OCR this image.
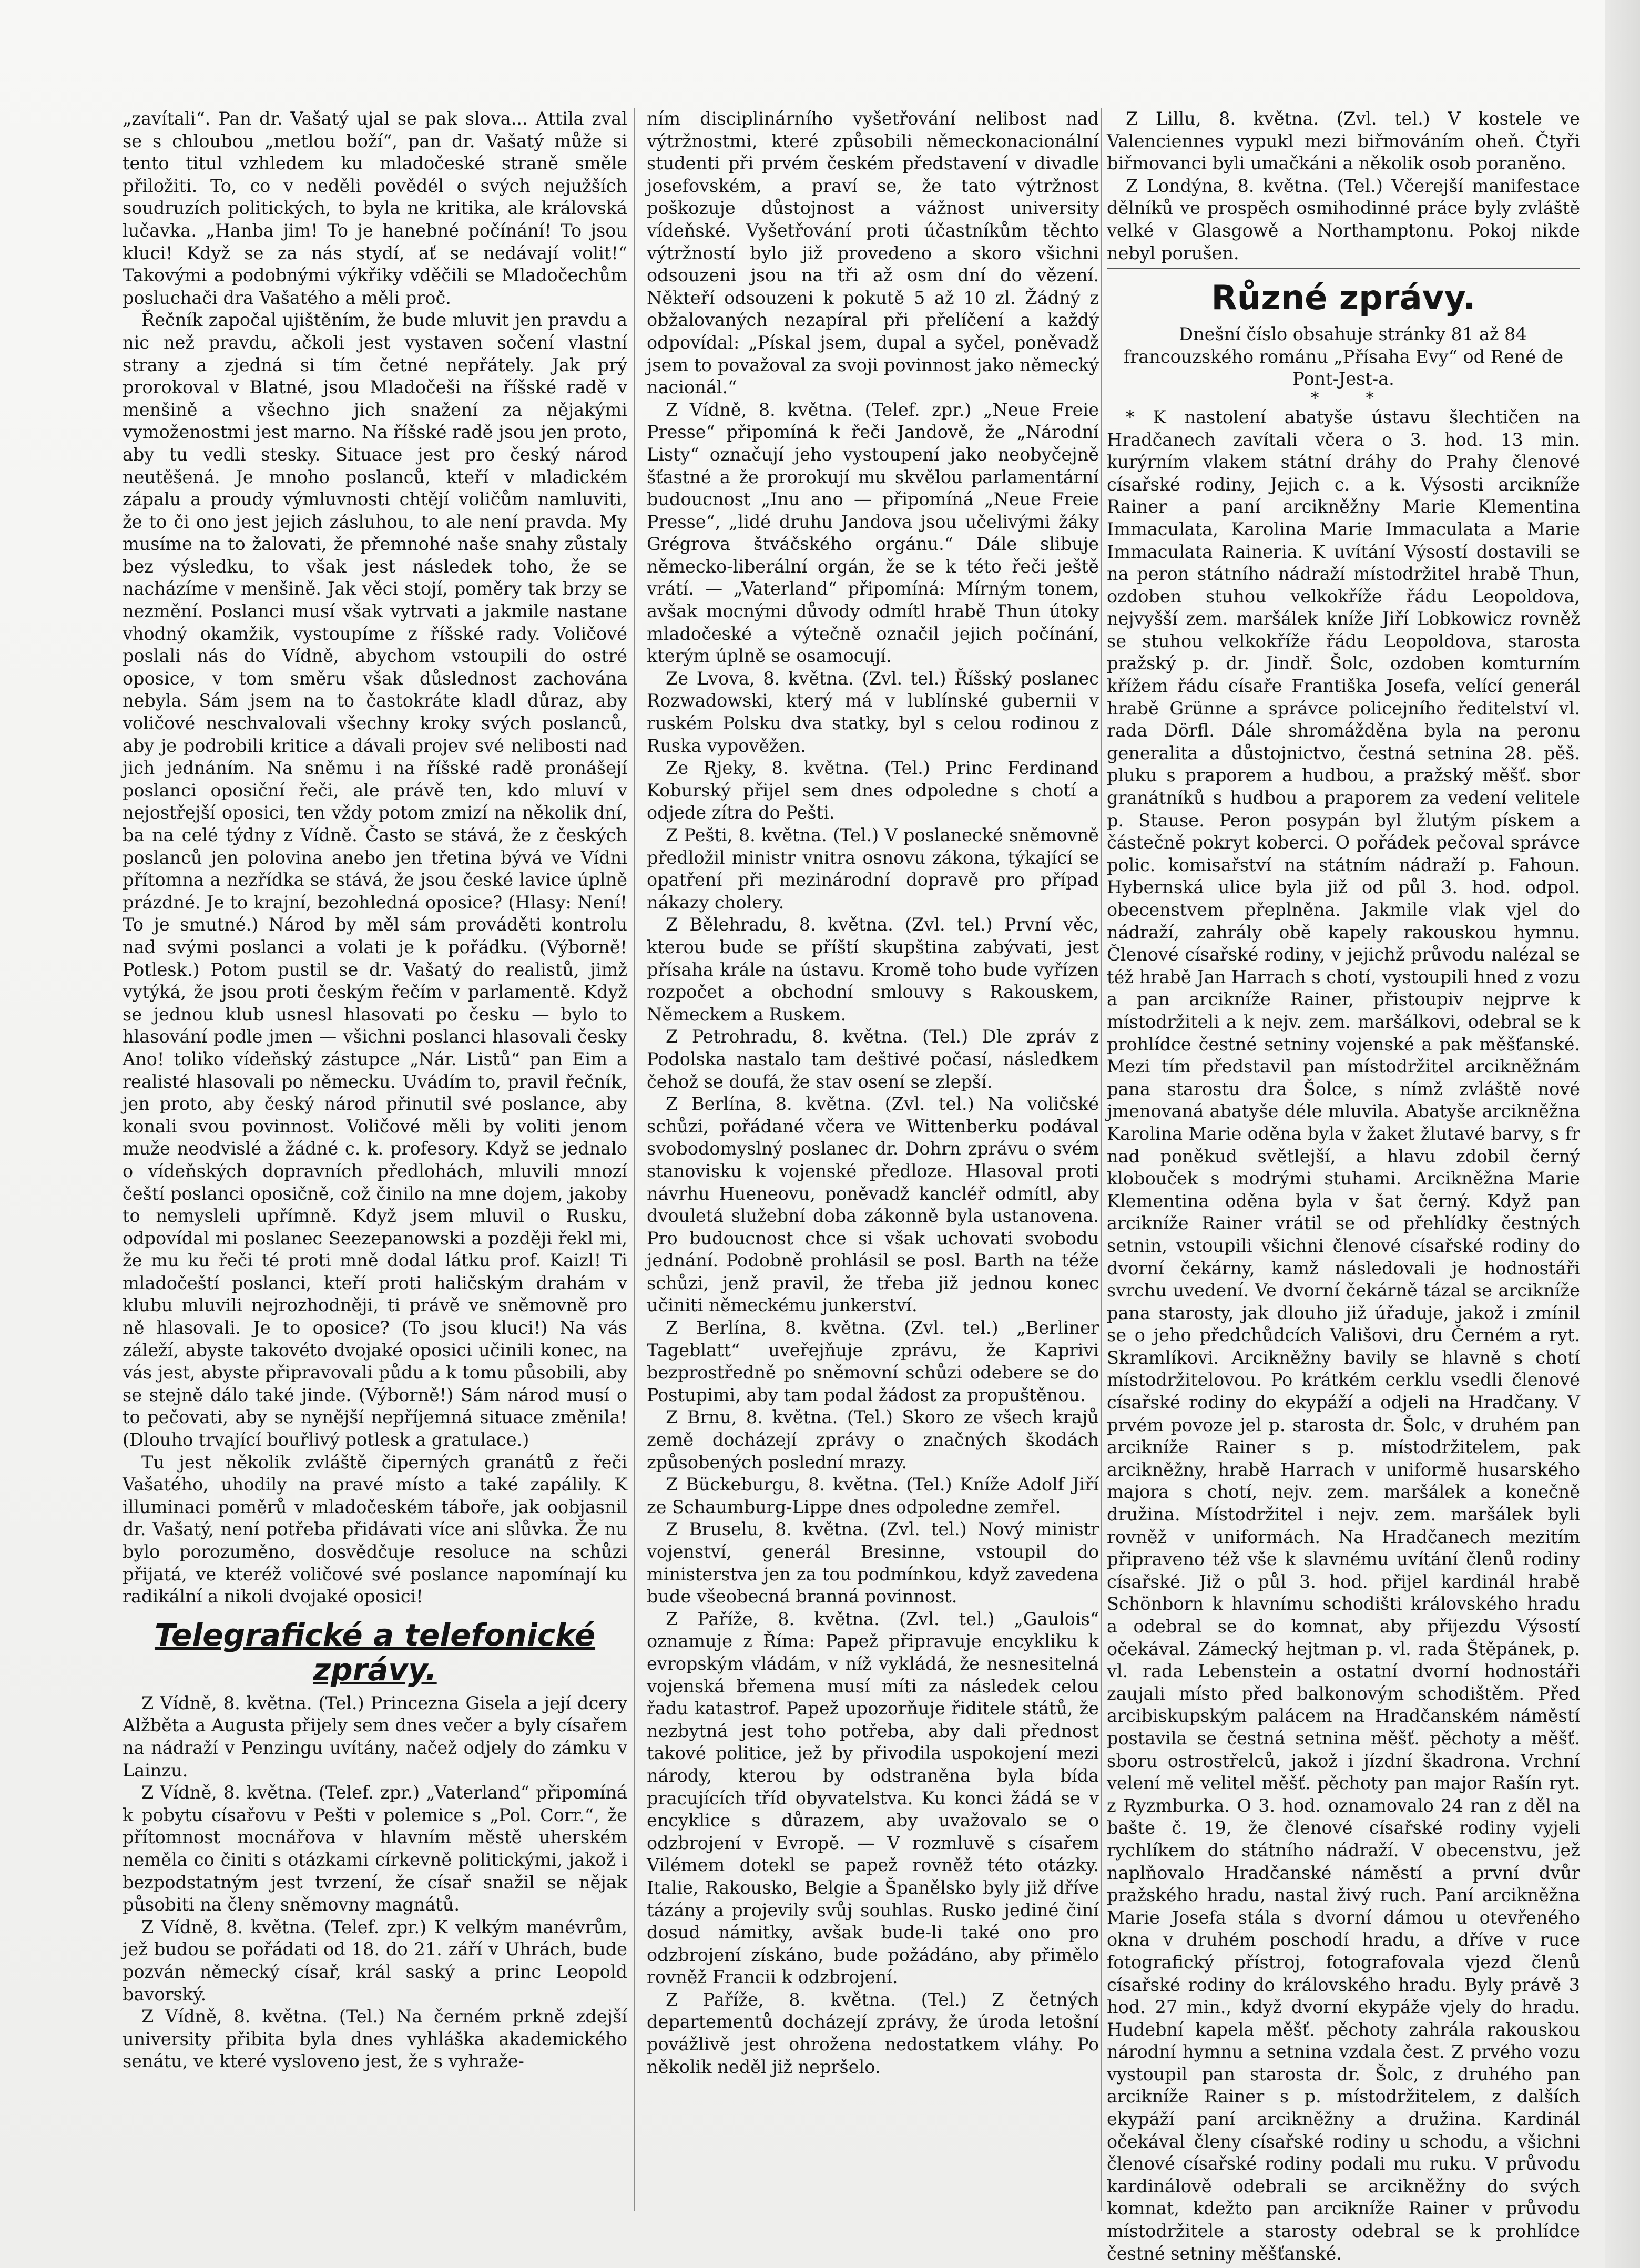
„zavítali“. Pan dr. Vašatý ujal se pak slova... Attila zval se s chloubou „metlou boží“, pan dr. Vašatý může si tento titul vzhledem ku mladočeské straně směle přiložiti. To, co v neděli povědél o svých nejužších soudruzích politických, to byla ne kritika, ale královská lučavka. „Hanba jim! To je hanebné počínání! To jsou kluci! Když se za nás stydí, ať se nedávají volit!“ Takovými a podobnými výkřiky vděčili se Mladočechům posluchači dra Vašatého a měli proč.

Řečník započal ujištěním, že bude mluvit jen pravdu a nic než pravdu, ačkoli jest vystaven sočení vlastní strany a zjedná si tím četné nepřátely. Jak prý prorokoval v Blatné, jsou Mladočeši na říšské radě v menšině a všechno jich snažení za nějakými vymoženostmi jest marno. Na říšské radě jsou jen proto, aby tu vedli stesky. Situace jest pro český národ neutěšená. Je mnoho poslanců, kteří v mladickém zápalu a proudy výmluvnosti chtějí voličům namluviti, že to či ono jest jejich zásluhou, to ale není pravda. My musíme na to žalovati, že přemnohé naše snahy zůstaly bez výsledku, to však jest následek toho, že se nacházíme v menšině. Jak věci stojí, poměry tak brzy se nezmění. Poslanci musí však vytrvati a jakmile nastane vhodný okamžik, vystoupíme z říšské rady. Voličové poslali nás do Vídně, abychom vstoupili do ostré oposice, v tom směru však důslednost zachována nebyla. Sám jsem na to častokráte kladl důraz, aby voličové neschvalovali všechny kroky svých poslanců, aby je podrobili kritice a dávali projev své nelibosti nad jich jednáním. Na sněmu i na říšské radě pronášejí poslanci oposiční řeči, ale právě ten, kdo mluví v nejostřejší oposici, ten vždy potom zmizí na několik dní, ba na celé týdny z Vídně. Často se stává, že z českých poslanců jen polovina anebo jen třetina bývá ve Vídni přítomna a nezřídka se stává, že jsou české lavice úplně prázdné. Je to krajní, bezohledná oposice? (Hlasy: Není! To je smutné.) Národ by měl sám prováděti kontrolu nad svými poslanci a volati je k pořádku. (Výborně! Potlesk.) Potom pustil se dr. Vašatý do realistů, jimž vytýká, že jsou proti českým řečím v parlamentě. Když se jednou klub usnesl hlasovati po česku — bylo to hlasování podle jmen — všichni poslanci hlasovali česky Ano! toliko vídeňský zástupce „Nár. Listů“ pan Eim a realisté hlasovali po německu. Uvádím to, pravil řečník, jen proto, aby český národ přinutil své poslance, aby konali svou povinnost. Voličové měli by voliti jenom muže neodvislé a žádné c. k. profesory. Když se jednalo o vídeňských dopravních předlohách, mluvili mnozí čeští poslanci oposičně, což činilo na mne dojem, jakoby to nemysleli upřímně. Když jsem mluvil o Rusku, odpovídal mi poslanec Seezepanowski a později řekl mi, že mu ku řeči té proti mně dodal látku prof. Kaizl! Ti mladočeští poslanci, kteří proti haličským drahám v klubu mluvili nejrozhodněji, ti právě ve sněmovně pro ně hlasovali. Je to oposice? (To jsou kluci!) Na vás záleží, abyste takovéto dvojaké oposici učinili konec, na vás jest, abyste připravovali půdu a k tomu působili, aby se stejně dálo také jinde. (Výborně!) Sám národ musí o to pečovati, aby se nynější nepříjemná situace změnila! (Dlouho trvající bouřlivý potlesk a gratulace.)

Tu jest několik zvláště čiperných granátů z řeči Vašatého, uhodily na pravé místo a také zapálily. K illuminaci poměrů v mladočeském táboře, jak oobjasnil dr. Vašatý, není potřeba přidávati více ani slůvka. Že nu bylo porozuměno, dosvědčuje resoluce na schůzi přijatá, ve kteréž voličové své poslance napomínají ku radikální a nikoli dvojaké oposici!

Telegrafické a telefonické zprávy.

Z Vídně, 8. května. (Tel.) Princezna Gisela a její dcery Alžběta a Augusta přijely sem dnes večer a byly císařem na nádraží v Penzingu uvítány, načež odjely do zámku v Lainzu.

Z Vídně, 8. května. (Telef. zpr.) „Vaterland“ připomíná k pobytu císařovu v Pešti v polemice s „Pol. Corr.“, že přítomnost mocnářova v hlavním městě uherském neměla co činiti s otázkami církevně politickými, jakož i bezpodstatným jest tvrzení, že císař snažil se nějak působiti na členy sněmovny magnátů.

Z Vídně, 8. května. (Telef. zpr.) K velkým manévrům, jež budou se pořádati od 18. do 21. září v Uhrách, bude pozván německý císař, král saský a princ Leopold bavorský.

Z Vídně, 8. května. (Tel.) Na černém prkně zdejší university přibita byla dnes vyhláška akademického senátu, ve které vysloveno jest, že s vyhraže-

ním disciplinárního vyšetřování nelibost nad výtržnostmi, které způsobili německonacionální studenti při prvém českém představení v divadle josefovském, a praví se, že tato výtržnost poškozuje důstojnost a vážnost university vídeňské. Vyšetřování proti účastníkům těchto výtržností bylo již provedeno a skoro všichni odsouzeni jsou na tři až osm dní do vězení. Někteří odsouzeni k pokutě 5 až 10 zl. Žádný z obžalovaných nezapíral při přelíčení a každý odpovídal: „Pískal jsem, dupal a syčel, poněvadž jsem to považoval za svoji povinnost jako německý nacionál.“

Z Vídně, 8. května. (Telef. zpr.) „Neue Freie Presse“ připomíná k řeči Jandově, že „Národní Listy“ označují jeho vystoupení jako neobyčejně šťastné a že prorokují mu skvělou parlamentární budoucnost „Inu ano — připomíná „Neue Freie Presse“, „lidé druhu Jandova jsou učelivými žáky Grégrova štváčského orgánu.“ Dále slibuje německo-liberální orgán, že se k této řeči ještě vrátí. — „Vaterland“ připomíná: Mírným tonem, avšak mocnými důvody odmítl hrabě Thun útoky mladočeské a výtečně označil jejich počínání, kterým úplně se osamocují.

Ze Lvova, 8. května. (Zvl. tel.) Říšský poslanec Rozwadowski, který má v lublínské gubernii v ruském Polsku dva statky, byl s celou rodinou z Ruska vypověžen.

Ze Rjeky, 8. května. (Tel.) Princ Ferdinand Koburský přijel sem dnes odpoledne s chotí a odjede zítra do Pešti.

Z Pešti, 8. května. (Tel.) V poslanecké sněmovně předložil ministr vnitra osnovu zákona, týkající se opatření při mezinárodní dopravě pro případ nákazy cholery.

Z Bělehradu, 8. května. (Zvl. tel.) První věc, kterou bude se příští skupština zabývati, jest přísaha krále na ústavu. Kromě toho bude vyřízen rozpočet a obchodní smlouvy s Rakouskem, Německem a Ruskem.

Z Petrohradu, 8. května. (Tel.) Dle zpráv z Podolska nastalo tam deštivé počasí, následkem čehož se doufá, že stav osení se zlepší.

Z Berlína, 8. května. (Zvl. tel.) Na voličské schůzi, pořádané včera ve Wittenberku podával svobodomyslný poslanec dr. Dohrn zprávu o svém stanovisku k vojenské předloze. Hlasoval proti návrhu Hueneovu, poněvadž kancléř odmítl, aby dvouletá služební doba zákonně byla ustanovena. Pro budoucnost chce si však uchovati svobodu jednání. Podobně prohlásil se posl. Barth na téže schůzi, jenž pravil, že třeba již jednou konec učiniti německému junkerství.

Z Berlína, 8. května. (Zvl. tel.) „Berliner Tageblatt“ uveřejňuje zprávu, že Kaprivi bezprostředně po sněmovní schůzi odebere se do Postupimi, aby tam podal žádost za propuštěnou.

Z Brnu, 8. května. (Tel.) Skoro ze všech krajů země docházejí zprávy o značných škodách způsobených poslední mrazy.

Z Bückeburgu, 8. května. (Tel.) Kníže Adolf Jiří ze Schaumburg-Lippe dnes odpoledne zemřel.

Z Bruselu, 8. května. (Zvl. tel.) Nový ministr vojenství, generál Bresinne, vstoupil do ministerstva jen za tou podmínkou, když zavedena bude všeobecná branná povinnost.

Z Paříže, 8. května. (Zvl. tel.) „Gaulois“ oznamuje z Říma: Papež připravuje encykliku k evropským vládám, v níž vykládá, že nesnesitelná vojenská břemena musí míti za následek celou řadu katastrof. Papež upozorňuje řiditele států, že nezbytná jest toho potřeba, aby dali přednost takové politice, jež by přivodila uspokojení mezi národy, kterou by odstraněna byla bída pracujících tříd obyvatelstva. Ku konci žádá se v encyklice s důrazem, aby uvažovalo se o odzbrojení v Evropě. — V rozmluvě s císařem Vilémem dotekl se papež rovněž této otázky. Italie, Rakousko, Belgie a Španělsko byly již dříve tázány a projevily svůj souhlas. Rusko jediné činí dosud námitky, avšak bude-li také ono pro odzbrojení získáno, bude požádáno, aby přimělo rovněž Francii k odzbrojení.

Z Paříže, 8. května. (Tel.) Z četných departementů docházejí zprávy, že úroda letošní povážlivě jest ohrožena nedostatkem vláhy. Po několik neděl již nepršelo.

Z Lillu, 8. května. (Zvl. tel.) V kostele ve Valenciennes vypukl mezi biřmováním oheň. Čtyři biřmovanci byli umačkáni a několik osob poraněno.

Z Londýna, 8. května. (Tel.) Včerejší manifestace dělníků ve prospěch osmihodinné práce byly zvláště velké v Glasgowě a Northamptonu. Pokoj nikde nebyl porušen.

Různé zprávy.

Dnešní číslo obsahuje stránky 81 až 84 francouzského románu „Přísaha Evy“ od René de Pont-Jest-a.

* *

* K nastolení abatyše ústavu šlechtičen na Hradčanech zavítali včera o 3. hod. 13 min. kurýrním vlakem státní dráhy do Prahy členové císařské rodiny, Jejich c. a k. Výsosti arcikníže Rainer a paní arcikněžny Marie Klementina Immaculata, Karolina Marie Immaculata a Marie Immaculata Raineria. K uvítání Výsostí dostavili se na peron státního nádraží místodržitel hrabě Thun, ozdoben stuhou velkokříže řádu Leopoldova, nejvyšší zem. maršálek kníže Jiří Lobkowicz rovněž se stuhou velkokříže řádu Leopoldova, starosta pražský p. dr. Jindř. Šolc, ozdoben komturním křížem řádu císaře Františka Josefa, velící generál hrabě Grünne a správce policejního ředitelství vl. rada Dörfl. Dále shromážděna byla na peronu generalita a důstojnictvo, čestná setnina 28. pěš. pluku s praporem a hudbou, a pražský měšť. sbor granátníků s hudbou a praporem za vedení velitele p. Stause. Peron posypán byl žlutým pískem a částečně pokryt koberci. O pořádek pečoval správce polic. komisařství na státním nádraží p. Fahoun. Hybernská ulice byla již od půl 3. hod. odpol. obecenstvem přeplněna. Jakmile vlak vjel do nádraží, zahrály obě kapely rakouskou hymnu. Členové císařské rodiny, v jejichž průvodu nalézal se též hrabě Jan Harrach s chotí, vystoupili hned z vozu a pan arcikníže Rainer, přistoupiv nejprve k místodržiteli a k nejv. zem. maršálkovi, odebral se k prohlídce čestné setniny vojenské a pak měšťanské. Mezi tím představil pan místodržitel arcikněžnám pana starostu dra Šolce, s nímž zvláště nové jmenovaná abatyše déle mluvila. Abatyše arcikněžna Karolina Marie oděna byla v žaket žlutavé barvy, s fr nad poněkud světlejší, a hlavu zdobil černý klobouček s modrými stuhami. Arcikněžna Marie Klementina oděna byla v šat černý. Když pan arcikníže Rainer vrátil se od přehlídky čestných setnin, vstoupili všichni členové císařské rodiny do dvorní čekárny, kamž následovali je hodnostáři svrchu uvedení. Ve dvorní čekárně tázal se arcikníže pana starosty, jak dlouho již úřaduje, jakož i zmínil se o jeho předchůdcích Vališovi, dru Černém a ryt. Skramlíkovi. Arcikněžny bavily se hlavně s chotí místodržitelovou. Po krátkém cerklu vsedli členové císařské rodiny do ekypáží a odjeli na Hradčany. V prvém povoze jel p. starosta dr. Šolc, v druhém pan arcikníže Rainer s p. místodržitelem, pak arcikněžny, hrabě Harrach v uniformě husarského majora s chotí, nejv. zem. maršálek a konečně družina. Místodržitel i nejv. zem. maršálek byli rovněž v uniformách. Na Hradčanech mezitím připraveno též vše k slavnému uvítání členů rodiny císařské. Již o půl 3. hod. přijel kardinál hrabě Schönborn k hlavnímu schodišti královského hradu a odebral se do komnat, aby přijezdu Výsostí očekával. Zámecký hejtman p. vl. rada Štěpánek, p. vl. rada Lebenstein a ostatní dvorní hodnostáři zaujali místo před balkonovým schodištěm. Před arcibiskupským palácem na Hradčanském náměstí postavila se čestná setnina měšť. pěchoty a měšť. sboru ostrostřelců, jakož i jízdní škadrona. Vrchní velení mě velitel měšť. pěchoty pan major Rašín ryt. z Ryzmburka. O 3. hod. oznamovalo 24 ran z děl na bašte č. 19, že členové císařské rodiny vyjeli rychlíkem do státního nádraží. V obecenstvu, jež naplňovalo Hradčanské náměstí a první dvůr pražského hradu, nastal živý ruch. Paní arcikněžna Marie Josefa stála s dvorní dámou u otevřeného okna v druhém poschodí hradu, a dříve v ruce fotografický přístroj, fotografovala vjezd členů císařské rodiny do královského hradu. Byly právě 3 hod. 27 min., když dvorní ekypáže vjely do hradu. Hudební kapela měšť. pěchoty zahrála rakouskou národní hymnu a setnina vzdala čest. Z prvého vozu vystoupil pan starosta dr. Šolc, z druhého pan arcikníže Rainer s p. místodržitelem, z dalších ekypáží paní arcikněžny a družina. Kardinál očekával členy císařské rodiny u schodu, a všichni členové císařské rodiny podali mu ruku. V průvodu kardinálově odebrali se arcikněžny do svých komnat, kdežto pan arcikníže Rainer v průvodu místodržitele a starosty odebral se k prohlídce čestné setniny měšťanské.
